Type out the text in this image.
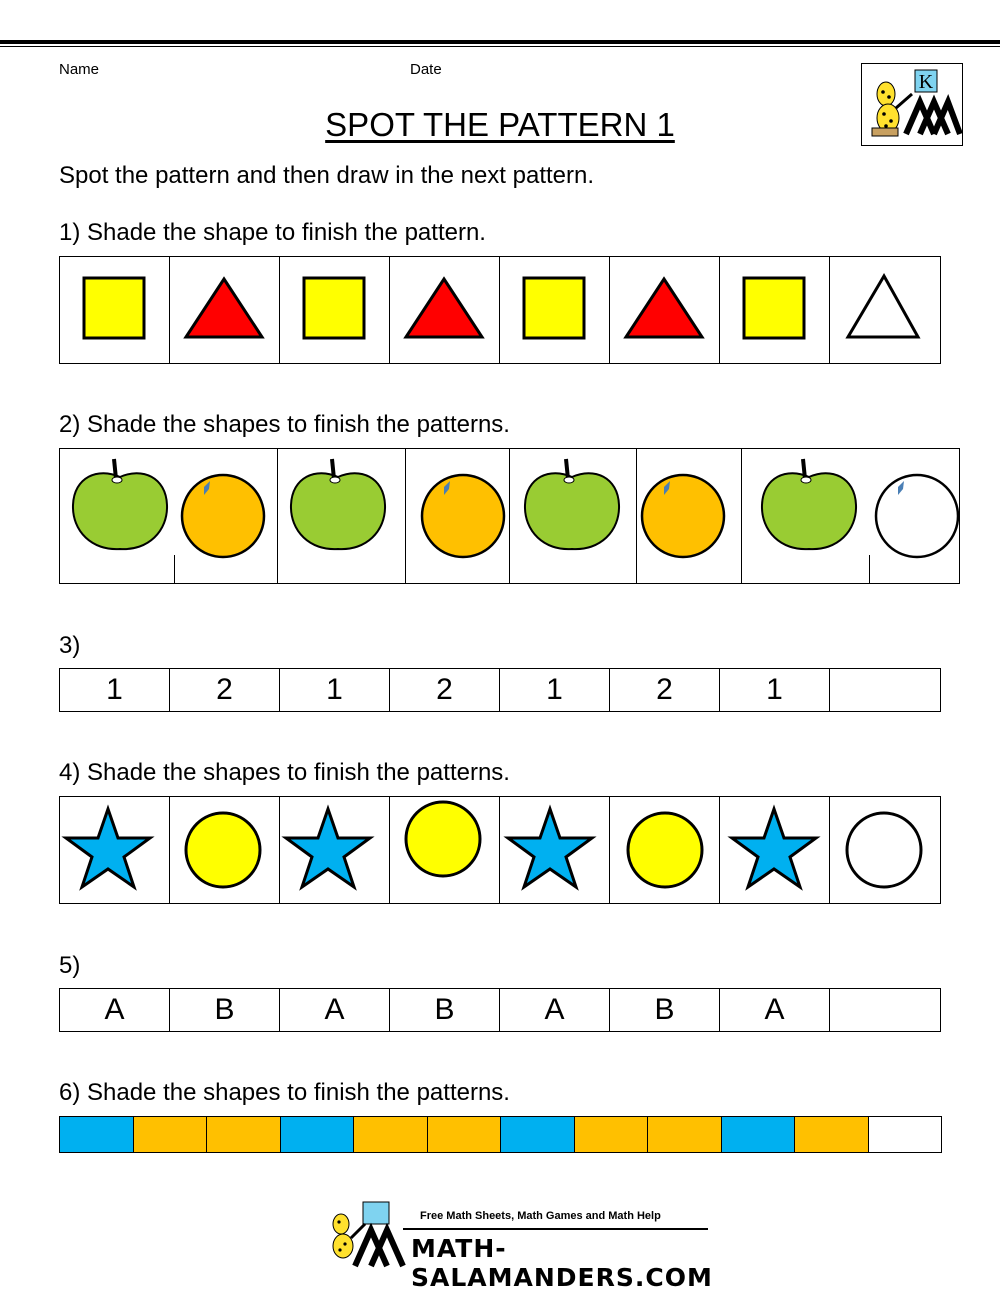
Name	Date
K
SPOT THE PATTERN 1
Spot the pattern and then draw in the next pattern.
1) Shade the shape to finish the pattern.
2) Shade the shapes to finish the patterns.
3)
1	2	1	2	1	2	1
4) Shade the shapes to finish the patterns.
5)
A	B	A	B	A	B	A
6) Shade the shapes to finish the patterns.
Free Math Sheets, Math Games and Math Help
MATH-SALAMANDERS.COM
